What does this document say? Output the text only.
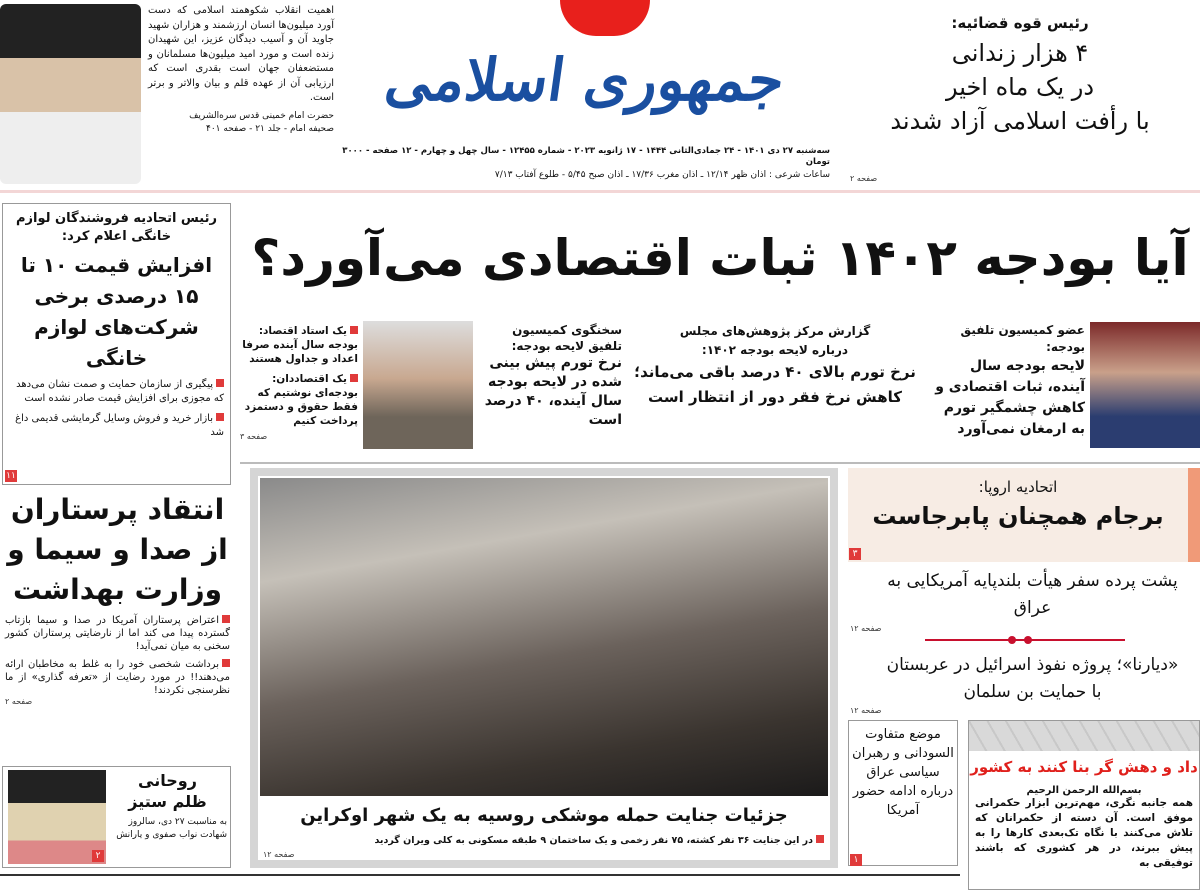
اهمیت انقلاب شکوهمند اسلامی که دست آورد میلیون‌ها انسان ارزشمند و هزاران شهید جاوید آن و آسیب دیدگان عزیز، این شهیدان زنده است و مورد امید میلیون‌ها مسلمانان و مستضعفان جهان است بقدری است که ارزیابی آن از عهده قلم و بیان والاتر و برتر است.
حضرت امام خمینی قدس سره‌الشریف
صحیفه امام - جلد ۲۱ - صفحه ۴۰۱
جمهوری اسلامی
سه‌شنبه ۲۷ دی ۱۴۰۱ - ۲۴ جمادی‌الثانی ۱۴۴۴ - ۱۷ ژانویه ۲۰۲۳ - شماره ۱۲۴۵۵ - سال چهل و چهارم - ۱۲ صفحه - ۳۰۰۰ تومان
ساعات شرعی : اذان ظهر ۱۲/۱۴ ـ اذان مغرب ۱۷/۳۶ ـ اذان صبح ۵/۴۵ - طلوع آفتاب ۷/۱۳
رئیس قوه قضائیه:
۴ هزار زندانی
در یک ماه اخیر
با رأفت اسلامی آزاد شدند
صفحه ۲
رئیس اتحادیه فروشندگان لوازم خانگی اعلام کرد:
افزایش قیمت ۱۰ تا ۱۵ درصدی برخی شرکت‌های لوازم خانگی
پیگیری از سازمان حمایت و صمت نشان می‌دهد که مجوزی برای افزایش قیمت صادر نشده است
بازار خرید و فروش وسایل گرمایشی قدیمی داغ شد
۱۱
آیا بودجه ۱۴۰۲ ثبات اقتصادی می‌آورد؟
عضو کمیسیون تلفیق بودجه:
لایحه بودجه سال آینده، ثبات اقتصادی و کاهش چشمگیر تورم به ارمغان نمی‌آورد
گزارش مرکز پژوهش‌های مجلس
درباره لایحه بودجه ۱۴۰۲:
نرخ تورم بالای ۴۰ درصد باقی می‌ماند؛
کاهش نرخ فقر دور از انتظار است
سخنگوی کمیسیون تلفیق لایحه بودجه:
نرخ تورم پیش بینی شده در لایحه بودجه سال آینده، ۴۰ درصد است
یک استاد اقتصاد: بودجه سال آینده صرفا اعداد و جداول هستند
یک اقتصاددان: بودجه‌ای نوشتیم که فقط حقوق و دستمزد پرداخت کنیم
صفحه ۳
انتقاد پرستاران از صدا و سیما و وزارت بهداشت
اعتراض پرستاران آمریکا در صدا و سیما بازتاب گسترده پیدا می کند اما از نارضایتی پرستاران کشور سخنی به میان نمی‌آید!
برداشت شخصی خود را به غلط به مخاطبان ارائه می‌دهند!! در مورد رضایت از «تعرفه گذاری» از ما نظرسنجی نکردند!
صفحه ۲
۲
روحانی
ظلم ستیز
به مناسبت ۲۷ دی، سالروز شهادت نواب صفوی و یارانش
جزئیات جنایت حمله موشکی روسیه به یک شهر اوکراین
در این جنایت ۳۶ نفر کشته، ۷۵ نفر زخمی و یک ساختمان ۹ طبقه مسکونی به کلی ویران گردید
صفحه ۱۲
اتحادیه اروپا:
برجام همچنان پابرجاست
۳
پشت پرده سفر هیأت بلندپایه آمریکایی به عراق
صفحه ۱۲
«دیارنا»؛ پروژه نفوذ اسرائیل در عربستان با حمایت بن سلمان
صفحه ۱۲
موضع متفاوت السودانی و رهبران سیاسی عراق درباره ادامه حضور آمریکا
۱
داد و دهش گر بنا کنند به کشور
بسم‌الله الرحمن الرحیم
همه جانبه نگری، مهم‌ترین ابزار حکمرانی موفق است. آن دسته از حکمرانان که تلاش می‌کنند با نگاه تک‌بعدی کارها را به پیش ببرند، در هر کشوری که باشند توفیقی به
